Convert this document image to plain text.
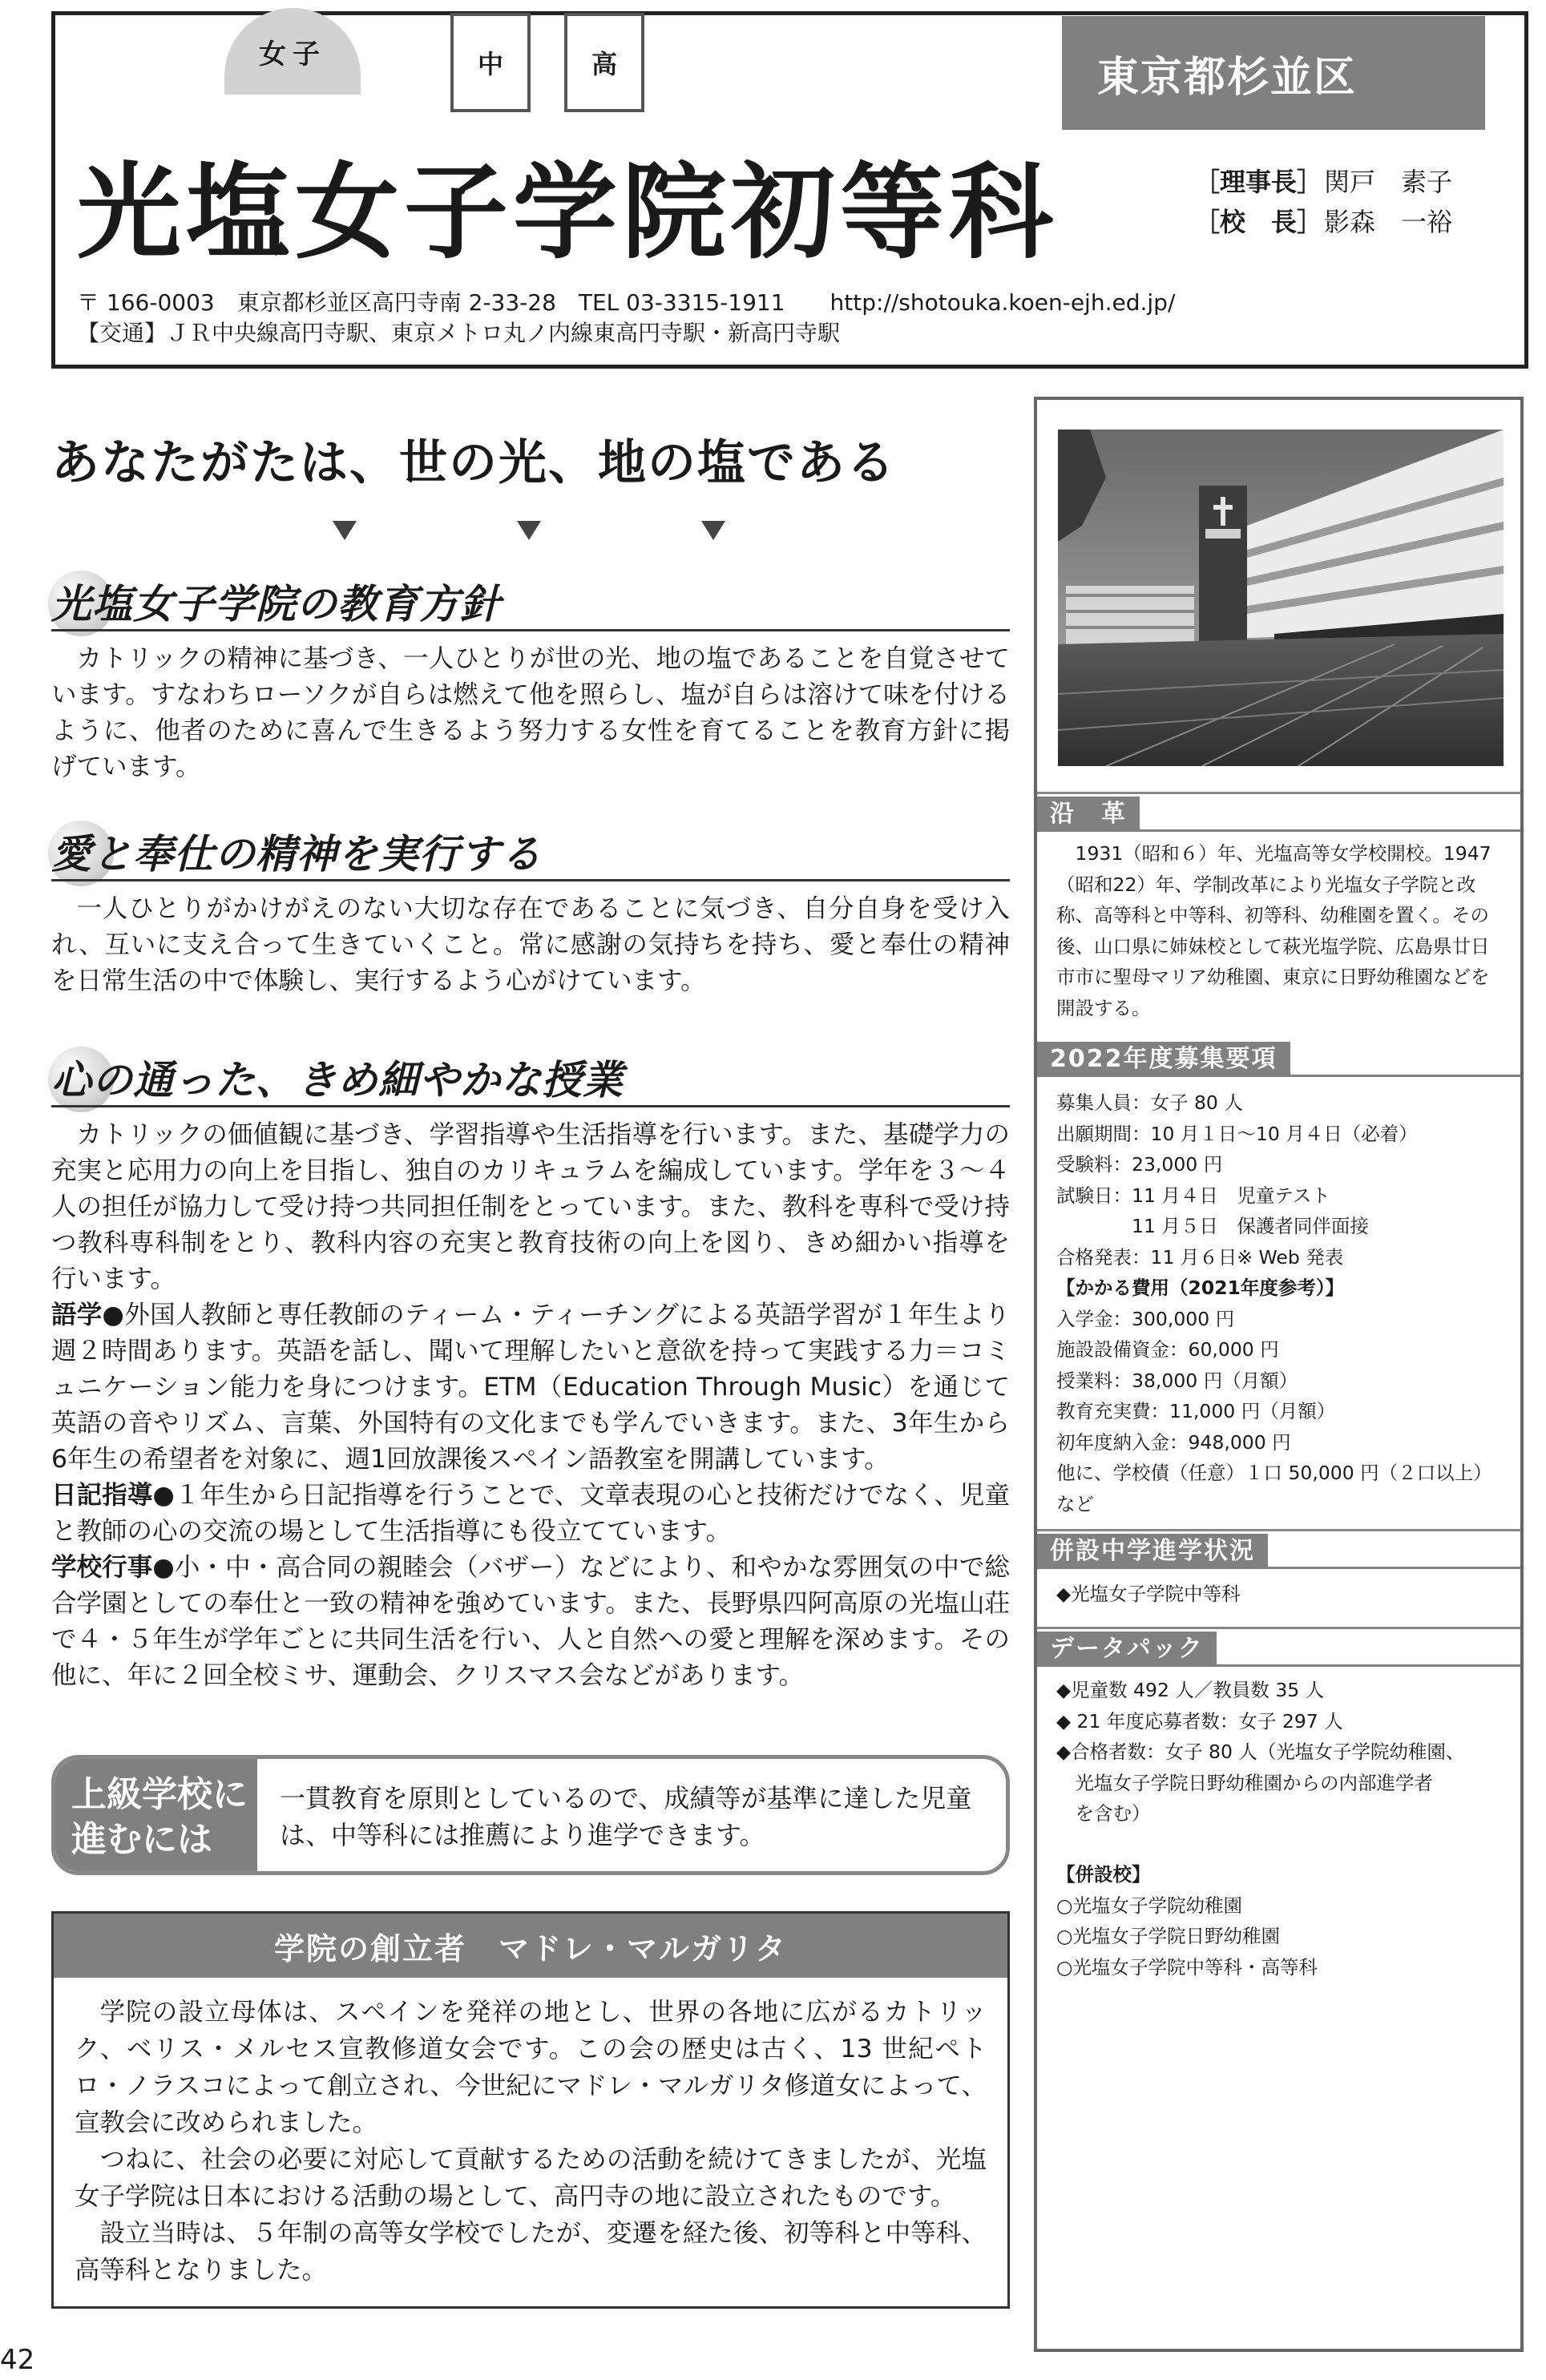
女子	中	高	東京都杉並区
光塩女子学院初等科	［理事長］関戸　素子
［校　長］影森　一裕
〒 166-0003　東京都杉並区高円寺南 2-33-28　TEL 03-3315-1911　　http://shotouka.koen-ejh.ed.jp/
【交通】ＪＲ中央線高円寺駅、東京メトロ丸ノ内線東高円寺駅・新高円寺駅
あなたがたは、世の光、地の塩である
光塩女子学院の教育方針

カトリックの精神に基づき、一人ひとりが世の光、地の塩であることを自覚させています。すなわちローソクが自らは燃えて他を照らし、塩が自らは溶けて味を付けるように、他者のために喜んで生きるよう努力する女性を育てることを教育方針に掲げています。

愛と奉仕の精神を実行する

一人ひとりがかけがえのない大切な存在であることに気づき、自分自身を受け入れ、互いに支え合って生きていくこと。常に感謝の気持ちを持ち、愛と奉仕の精神を日常生活の中で体験し、実行するよう心がけています。

心の通った、きめ細やかな授業

カトリックの価値観に基づき、学習指導や生活指導を行います。また、基礎学力の充実と応用力の向上を目指し、独自のカリキュラムを編成しています。学年を３～４人の担任が協力して受け持つ共同担任制をとっています。また、教科を専科で受け持つ教科専科制をとり、教科内容の充実と教育技術の向上を図り、きめ細かい指導を行います。

語学●外国人教師と専任教師のティーム・ティーチングによる英語学習が１年生より週２時間あります。英語を話し、聞いて理解したいと意欲を持って実践する力＝コミュニケーション能力を身につけます。ETM（Education Through Music）を通じて英語の音やリズム、言葉、外国特有の文化までも学んでいきます。また、3年生から6年生の希望者を対象に、週1回放課後スペイン語教室を開講しています。

日記指導●１年生から日記指導を行うことで、文章表現の心と技術だけでなく、児童と教師の心の交流の場として生活指導にも役立てています。

学校行事●小・中・高合同の親睦会（バザー）などにより、和やかな雰囲気の中で総合学園としての奉仕と一致の精神を強めています。また、長野県四阿高原の光塩山荘で４・５年生が学年ごとに共同生活を行い、人と自然への愛と理解を深めます。その他に、年に２回全校ミサ、運動会、クリスマス会などがあります。

上級学校に進むには
一貫教育を原則としているので、成績等が基準に達した児童は、中等科には推薦により進学できます。
学院の創立者　マドレ・マルガリタ

学院の設立母体は、スペインを発祥の地とし、世界の各地に広がるカトリック、ベリス・メルセス宣教修道女会です。この会の歴史は古く、13 世紀ペトロ・ノラスコによって創立され、今世紀にマドレ・マルガリタ修道女によって、宣教会に改められました。

つねに、社会の必要に対応して貢献するための活動を続けてきましたが、光塩女子学院は日本における活動の場として、高円寺の地に設立されたものです。

設立当時は、５年制の高等女学校でしたが、変遷を経た後、初等科と中等科、高等科となりました。

沿　革
1931（昭和６）年、光塩高等女学校開校。1947（昭和22）年、学制改革により光塩女子学院と改称、高等科と中等科、初等科、幼稚園を置く。その後、山口県に姉妹校として萩光塩学院、広島県廿日市市に聖母マリア幼稚園、東京に日野幼稚園などを開設する。
2022年度募集要項
募集人員：女子 80 人
出願期間：10 月１日～10 月４日（必着）
受験料：23,000 円
試験日：11 月４日　児童テスト
　　　　11 月５日　保護者同伴面接
合格発表：11 月６日※ Web 発表
【かかる費用（2021年度参考）】
入学金：300,000 円
施設設備資金：60,000 円
授業料：38,000 円（月額）
教育充実費：11,000 円（月額）
初年度納入金：948,000 円
他に、学校債（任意）１口 50,000 円（２口以上）
など
併設中学進学状況
◆光塩女子学院中等科
データパック
◆児童数 492 人／教員数 35 人
◆ 21 年度応募者数：女子 297 人
◆合格者数：女子 80 人（光塩女子学院幼稚園、
　光塩女子学院日野幼稚園からの内部進学者
　を含む）
【併設校】
○光塩女子学院幼稚園
○光塩女子学院日野幼稚園
○光塩女子学院中等科・高等科
42
